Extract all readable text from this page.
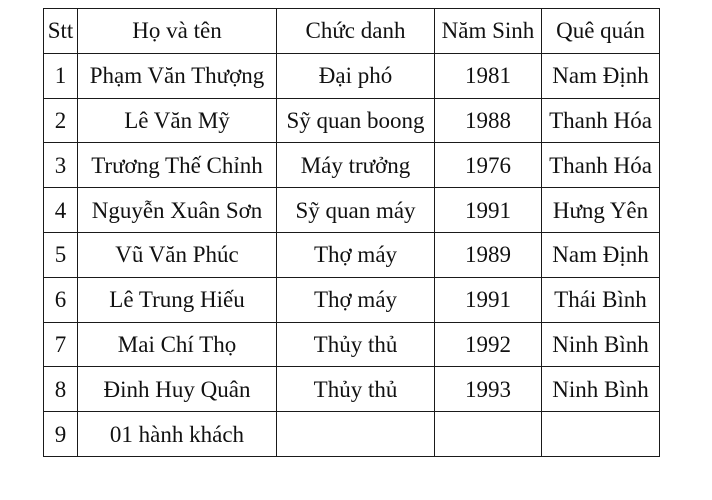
Stt	Họ và tên	Chức danh	Năm Sinh	Quê quán
1	Phạm Văn Thượng	Đại phó	1981	Nam Định
2	Lê Văn Mỹ	Sỹ quan boong	1988	Thanh Hóa
3	Trương Thế Chỉnh	Máy trưởng	1976	Thanh Hóa
4	Nguyễn Xuân Sơn	Sỹ quan máy	1991	Hưng Yên
5	Vũ Văn Phúc	Thợ máy	1989	Nam Định
6	Lê Trung Hiếu	Thợ máy	1991	Thái Bình
7	Mai Chí Thọ	Thủy thủ	1992	Ninh Bình
8	Đinh Huy Quân	Thủy thủ	1993	Ninh Bình
9	01 hành khách			
